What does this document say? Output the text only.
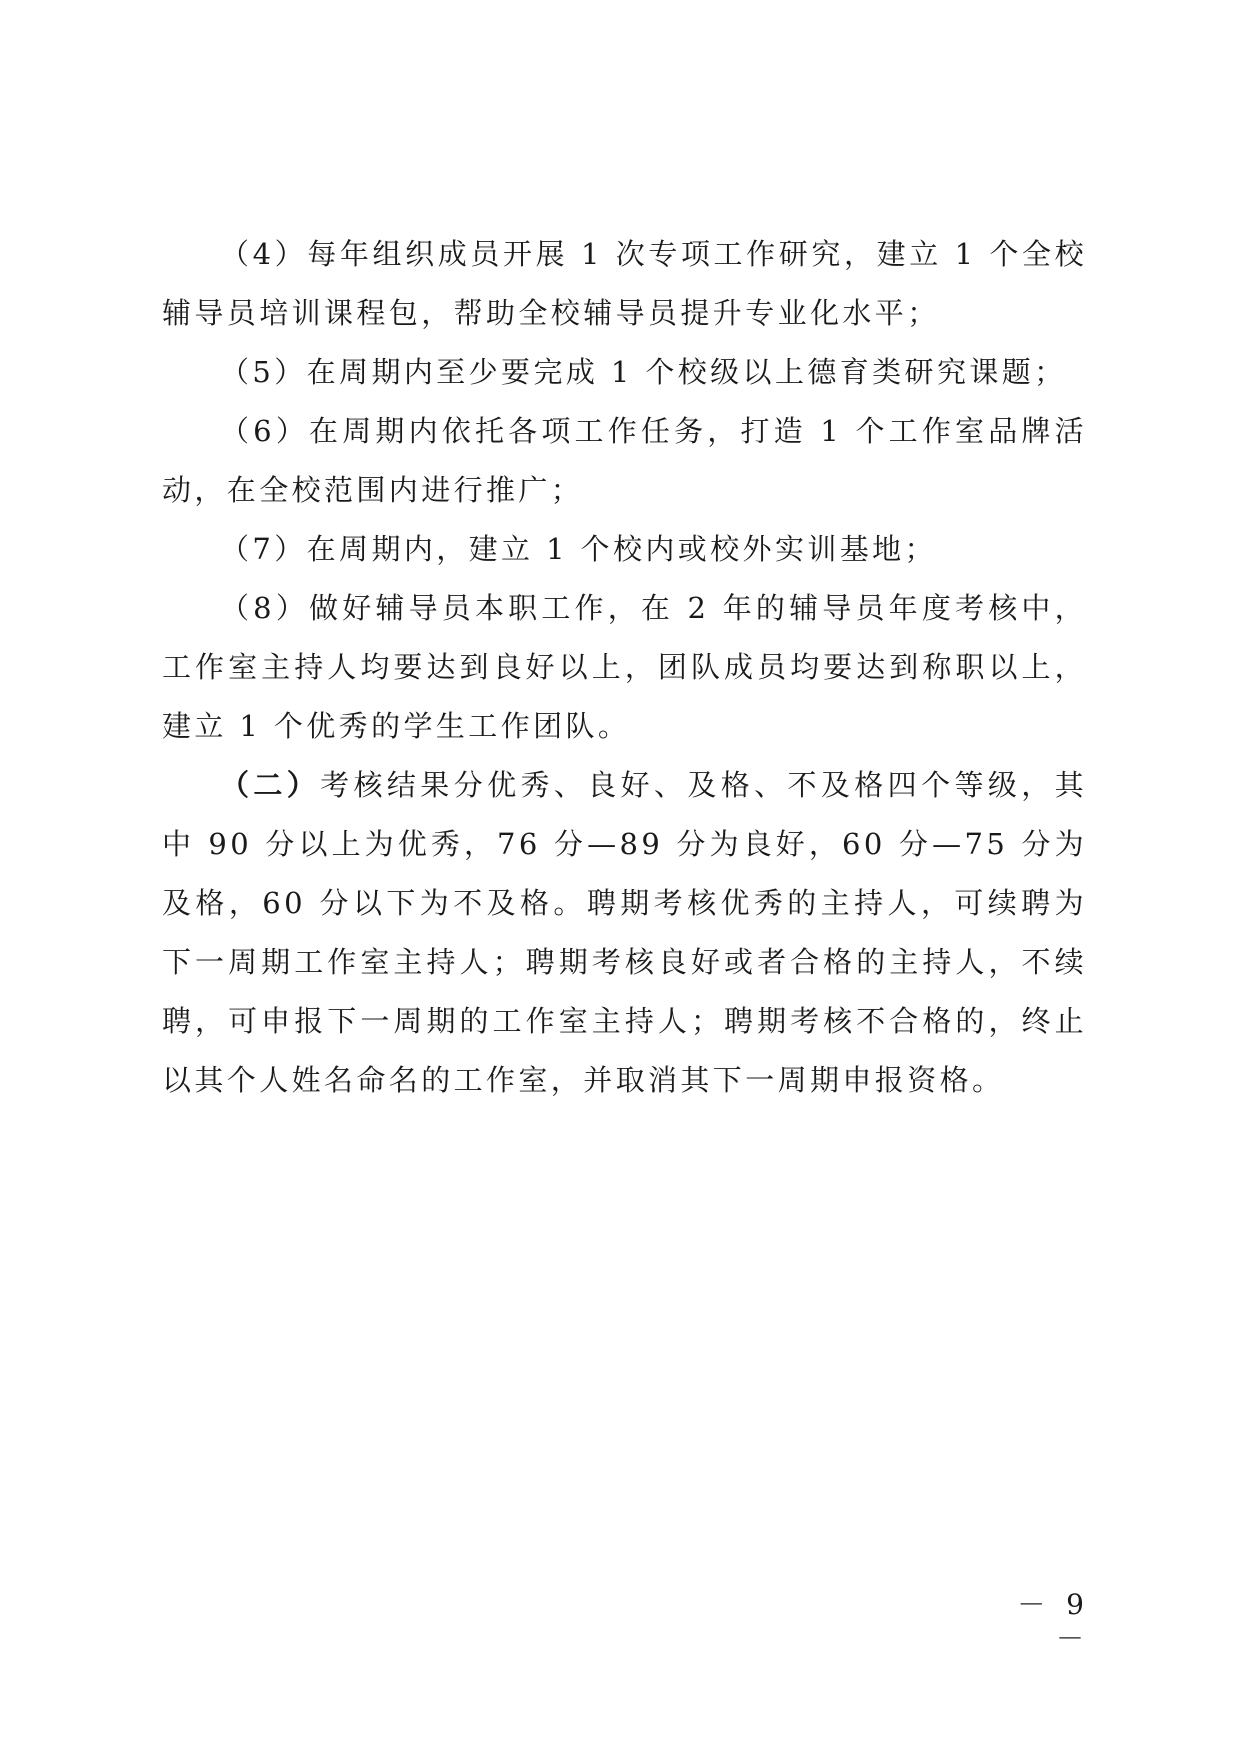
（4）每年组织成员开展 1 次专项工作研究，建立 1 个全校辅导员培训课程包，帮助全校辅导员提升专业化水平；

（5）在周期内至少要完成 1 个校级以上德育类研究课题；

（6）在周期内依托各项工作任务，打造 1 个工作室品牌活动，在全校范围内进行推广；

（7）在周期内，建立 1 个校内或校外实训基地；

（8）做好辅导员本职工作，在 2 年的辅导员年度考核中，工作室主持人均要达到良好以上，团队成员均要达到称职以上，建立 1 个优秀的学生工作团队。

（二）考核结果分优秀、良好、及格、不及格四个等级，其中 90 分以上为优秀，76 分—89 分为良好，60 分—75 分为及格，60 分以下为不及格。聘期考核优秀的主持人，可续聘为下一周期工作室主持人；聘期考核良好或者合格的主持人，不续聘，可申报下一周期的工作室主持人；聘期考核不合格的，终止以其个人姓名命名的工作室，并取消其下一周期申报资格。

－ 9 －
